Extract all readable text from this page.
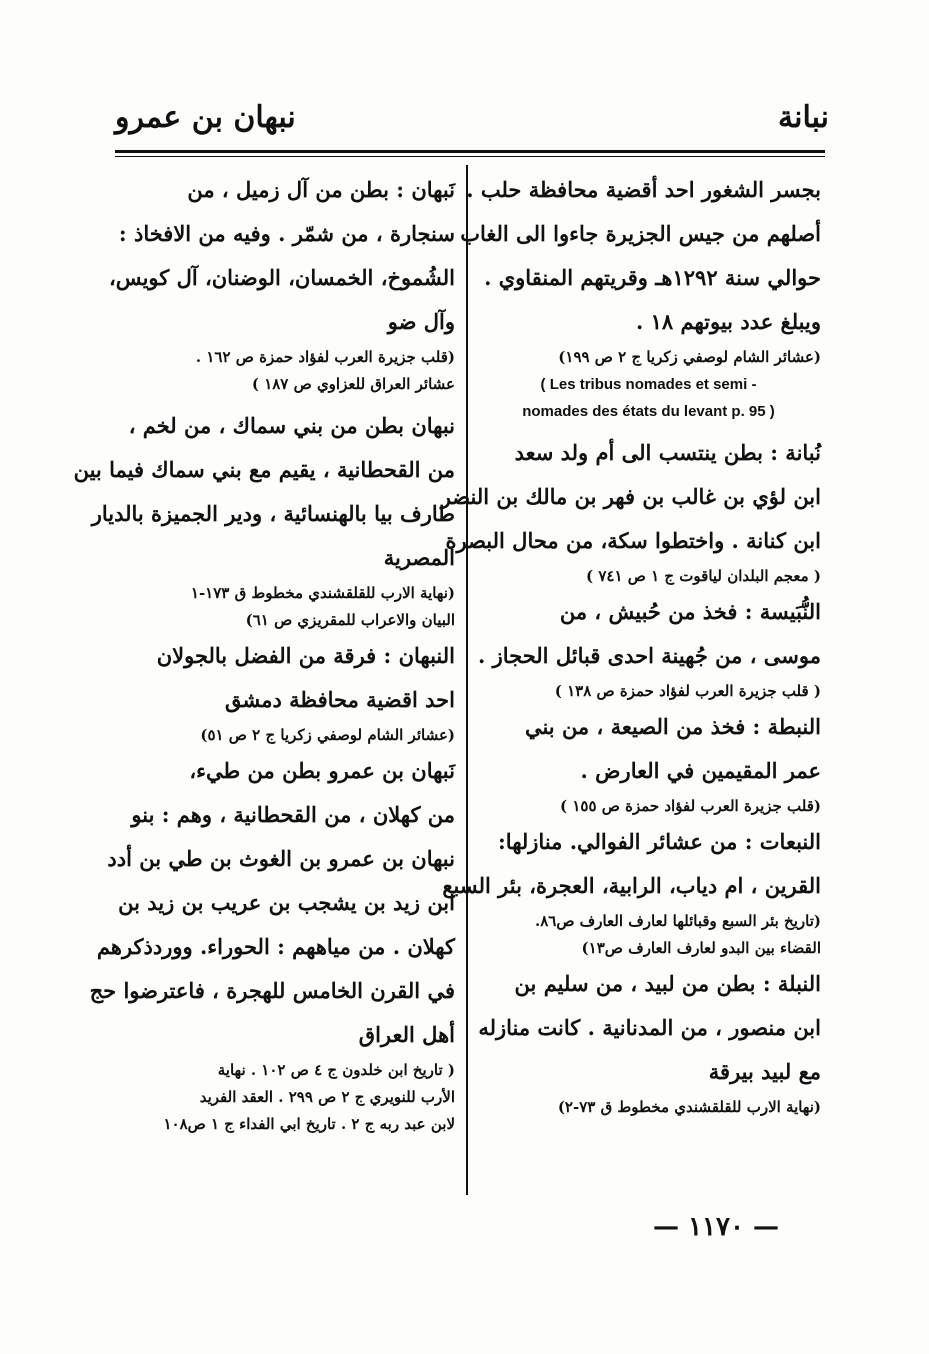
نبانة
نبهان بن عمرو
بجسر الشغور احد أقضية محافظة حلب .
أصلهم من جيس الجزيرة جاءوا الى الغاب
حوالي سنة ١٢٩٢هـ وقريتهم المنقاوي .
ويبلغ عدد بيوتهم ١٨ .
(عشائر الشام لوصفي زكريا ج ٢ ص ١٩٩)
( Les tribus nomades et semi -
nomades des états du levant p. 95 )
نُبانة : بطن ينتسب الى أم ولد سعد
ابن لؤي بن غالب بن فهر بن مالك بن النضر
ابن كنانة . واختطوا سكة، من محال البصرة
( معجم البلدان لياقوت ج ١ ص ٧٤١ )
النُّبَيسة : فخذ من حُبيش ، من
موسى ، من جُهينة احدى قبائل الحجاز .
( قلب جزيرة العرب لفؤاد حمزة ص ١٣٨ )
النبطة : فخذ من الصيعة ، من بني
عمر المقيمين في العارض .
(قلب جزيرة العرب لفؤاد حمزة ص ١٥٥ )
النبعات : من عشائر الفوالي. منازلها:
القرين ، ام دياب، الرابية، العجرة، بئر السبع
(تاريخ بئر السبع وقبائلها لعارف العارف ص٨٦.
القضاء بين البدو لعارف العارف ص١٣)
النبلة : بطن من لبيد ، من سليم بن
ابن منصور ، من المدنانية . كانت منازله
مع لبيد بيرقة
(نهاية الارب للقلقشندي مخطوط ق ٧٣-٢)
نَبهان : بطن من آل زميل ، من
سنجارة ، من شمّر . وفيه من الافخاذ :
الشُموخ، الخمسان، الوضنان، آل كويس،
وآل ضو
(قلب جزيرة العرب لفؤاد حمزة ص ١٦٢ .
عشائر العراق للعزاوي ص ١٨٧ )
نبهان بطن من بني سماك ، من لخم ،
من القحطانية ، يقيم مع بني سماك فيما بين
طارف بيا بالهنسائية ، ودير الجميزة بالديار
المصرية
(نهاية الارب للقلقشندي مخطوط ق ١٧٣-١
البيان والاعراب للمقريزي ص ٦١)
النبهان : فرقة من الفضل بالجولان
احد اقضية محافظة دمشق
(عشائر الشام لوصفي زكريا ج ٢ ص ٥١)
نَبهان بن عمرو بطن من طيء،
من كهلان ، من القحطانية ، وهم : بنو
نبهان بن عمرو بن الغوث بن طي بن أدد
ابن زيد بن يشجب بن عريب بن زيد بن
كهلان . من مياههم : الحوراء. ووردذكرهم
في القرن الخامس للهجرة ، فاعترضوا حج
أهل العراق
( تاريخ ابن خلدون ج ٤ ص ١٠٢ . نهاية
الأرب للنويري ج ٢ ص ٢٩٩ . العقد الفريد
لابن عبد ربه ج ٢ . تاريخ ابي الفداء ج ١ ص١٠٨
— ١١٧٠ —
